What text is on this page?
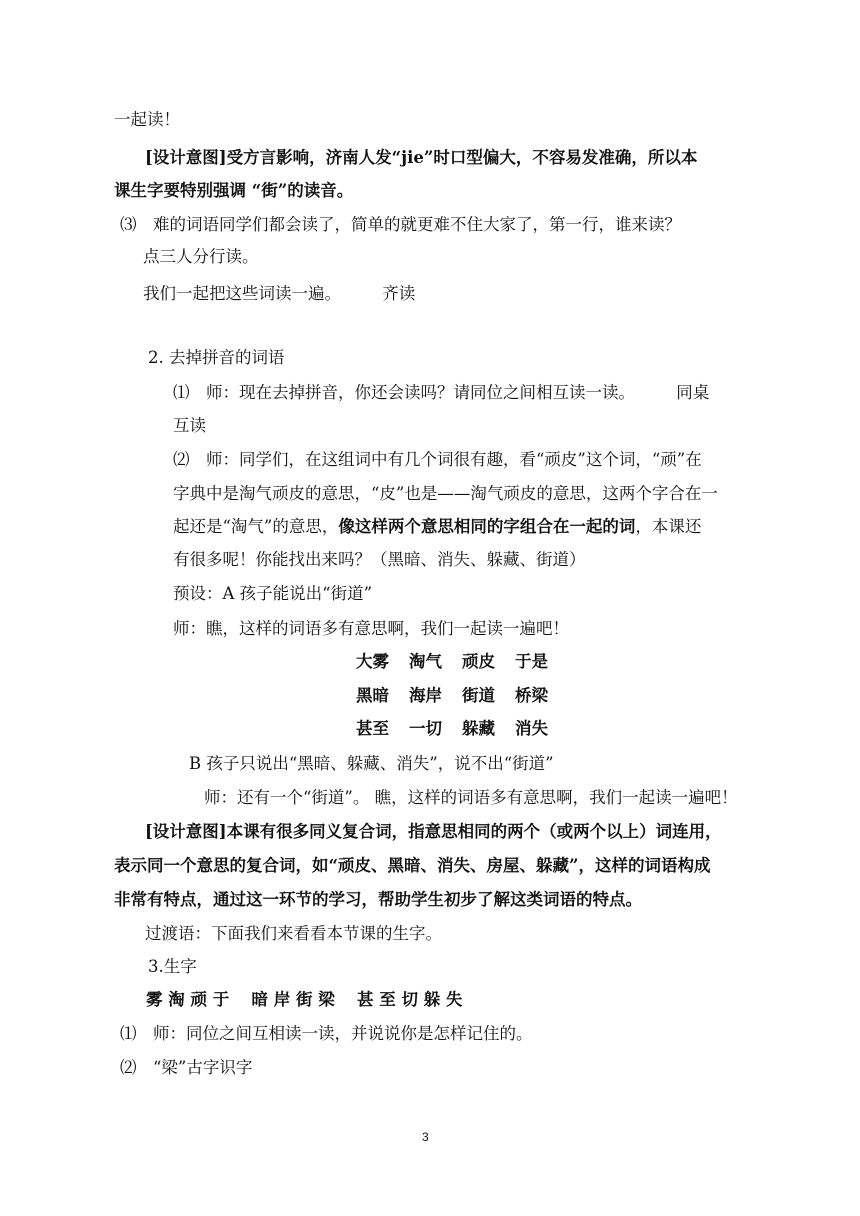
一起读！
[设计意图]受方言影响，济南人发“jie”时口型偏大，不容易发准确，所以本
课生字要特别强调 “街”的读音。
⑶　难的词语同学们都会读了，简单的就更难不住大家了，第一行，谁来读？
点三人分行读。
我们一起把这些词读一遍。　　　齐读
2. 去掉拼音的词语
⑴　师：现在去掉拼音，你还会读吗？请同位之间相互读一读。　　　同桌
互读
⑵　师：同学们，在这组词中有几个词很有趣，看“顽皮”这个词，“顽”在
字典中是淘气顽皮的意思，“皮”也是——淘气顽皮的意思，这两个字合在一
起还是“淘气”的意思，像这样两个意思相同的字组合在一起的词，本课还
有很多呢！你能找出来吗？（黑暗、消失、躲藏、街道）
预设：A 孩子能说出“街道”
师：瞧，这样的词语多有意思啊，我们一起读一遍吧！
大雾 淘气 顽皮 于是
黑暗 海岸 街道 桥梁
甚至 一切 躲藏 消失
B 孩子只说出“黑暗、躲藏、消失”，说不出“街道”
师：还有一个“街道”。 瞧，这样的词语多有意思啊，我们一起读一遍吧！
[设计意图]本课有很多同义复合词，指意思相同的两个（或两个以上）词连用，
表示同一个意思的复合词，如“顽皮、黑暗、消失、房屋、躲藏”，这样的词语构成
非常有特点，通过这一环节的学习，帮助学生初步了解这类词语的特点。
过渡语：下面我们来看看本节课的生字。
3.生字
雾 淘 顽 于　 暗 岸 街 梁　 甚 至 切 躲 失
⑴　师：同位之间互相读一读，并说说你是怎样记住的。
⑵　“梁”古字识字
3
